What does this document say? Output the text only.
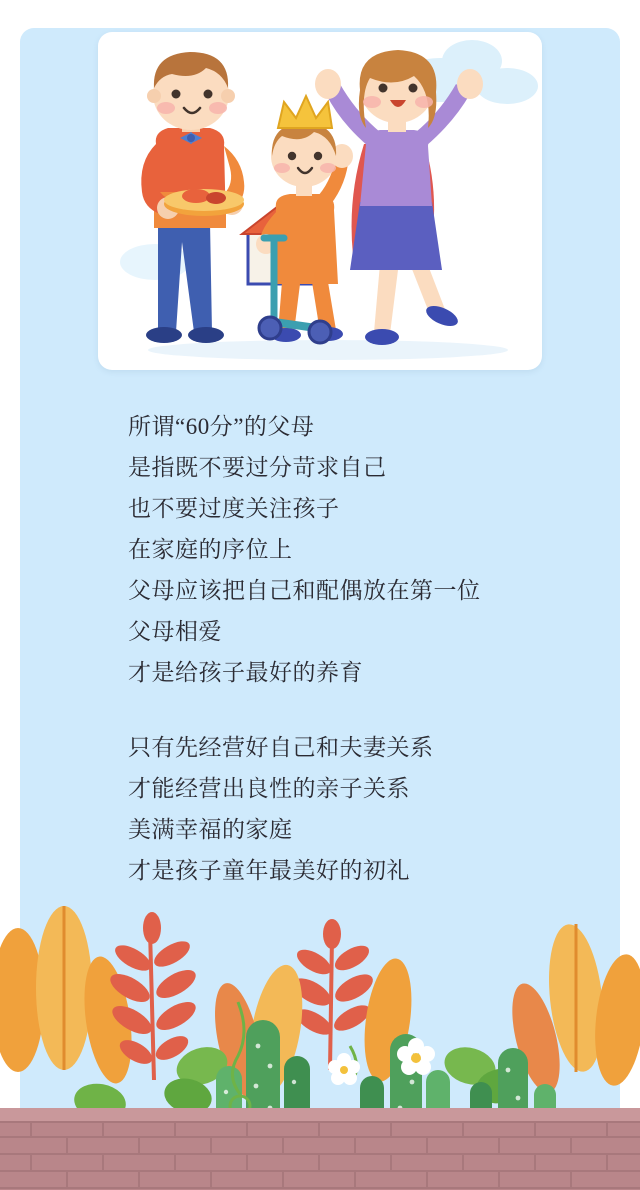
所谓“60分”的父母
是指既不要过分苛求自己
也不要过度关注孩子
在家庭的序位上
父母应该把自己和配偶放在第一位
父母相爱
才是给孩子最好的养育
只有先经营好自己和夫妻关系
才能经营出良性的亲子关系
美满幸福的家庭
才是孩子童年最美好的初礼
